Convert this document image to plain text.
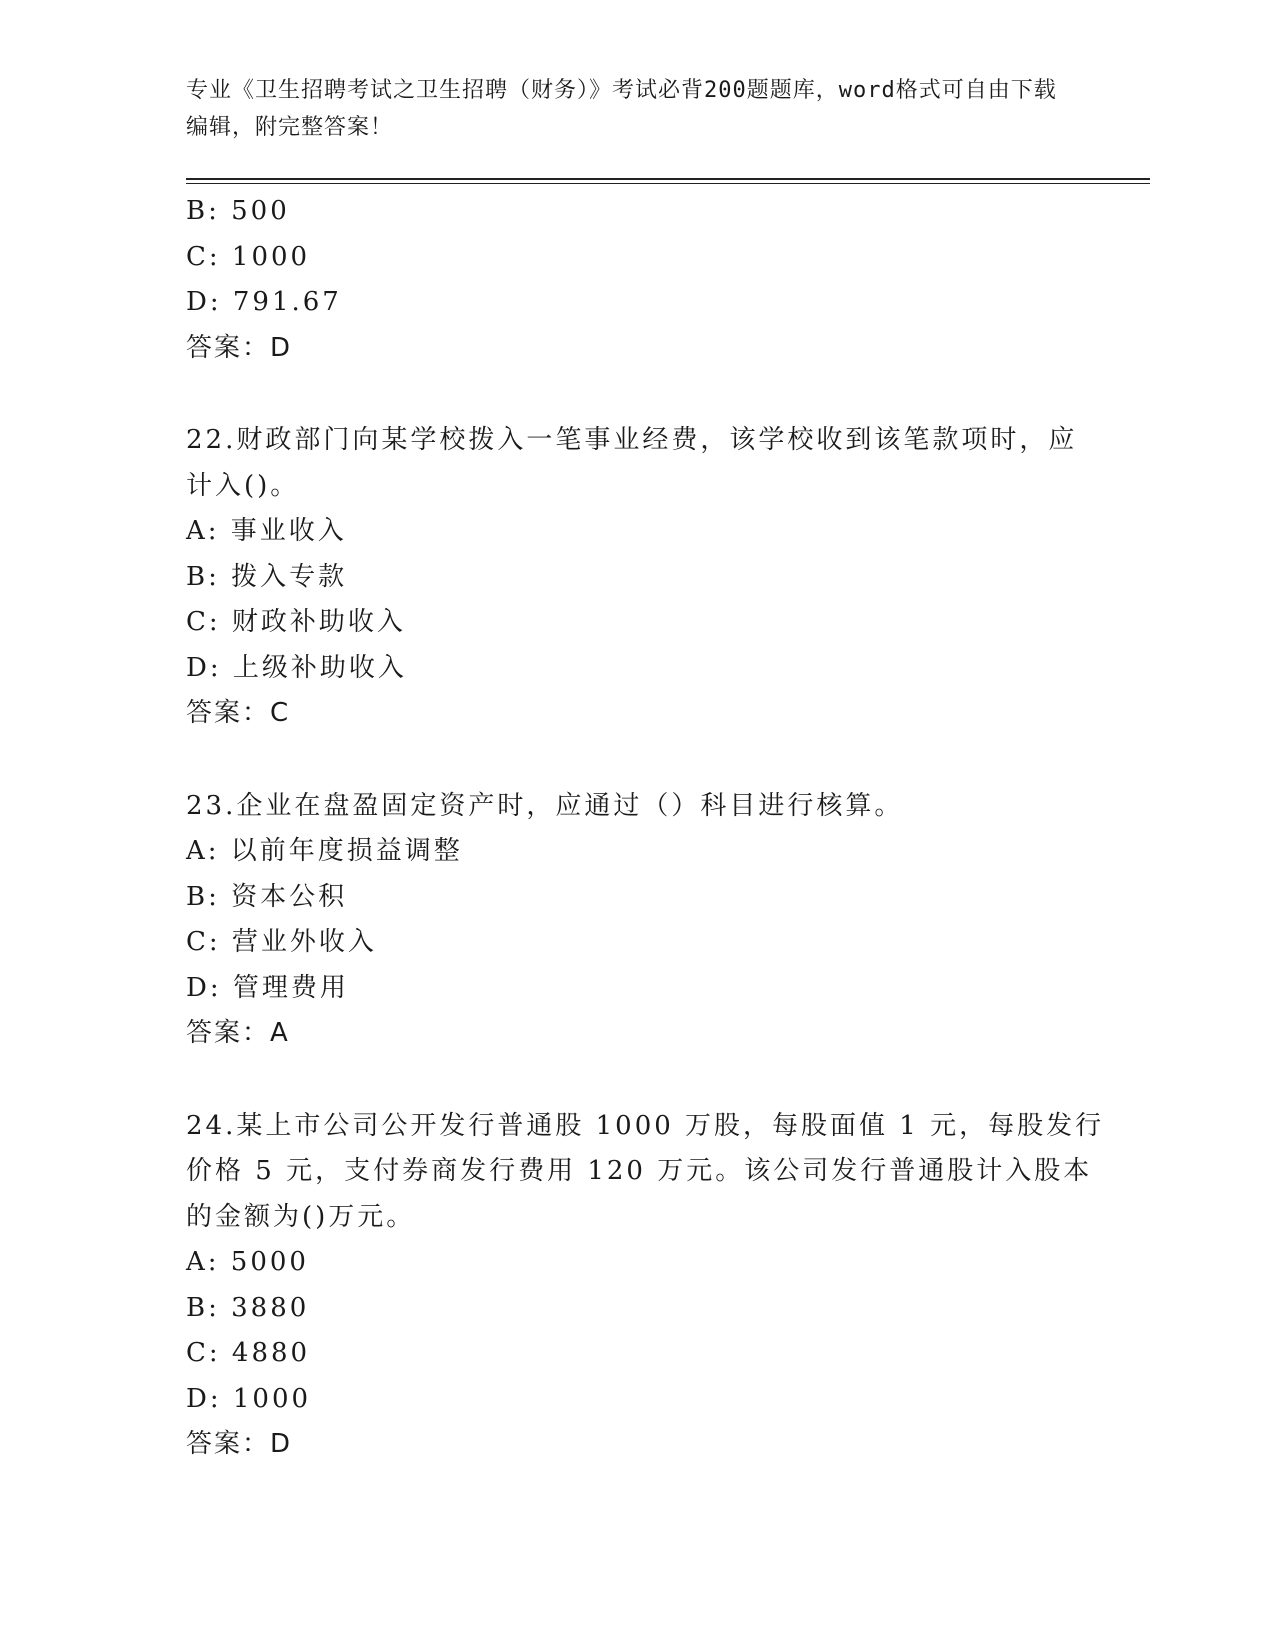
专业《卫生招聘考试之卫生招聘（财务）》考试必背200题题库，word格式可自由下载编辑，附完整答案！
B: 500
C: 1000
D: 791.67
答案：D
22.财政部门向某学校拨入一笔事业经费，该学校收到该笔款项时，应
计入()。
A: 事业收入
B: 拨入专款
C: 财政补助收入
D: 上级补助收入
答案：C
23.企业在盘盈固定资产时，应通过（）科目进行核算。
A: 以前年度损益调整
B: 资本公积
C: 营业外收入
D: 管理费用
答案：A
24.某上市公司公开发行普通股 1000 万股，每股面值 1 元，每股发行
价格 5 元，支付券商发行费用 120 万元。该公司发行普通股计入股本
的金额为()万元。
A: 5000
B: 3880
C: 4880
D: 1000
答案：D
